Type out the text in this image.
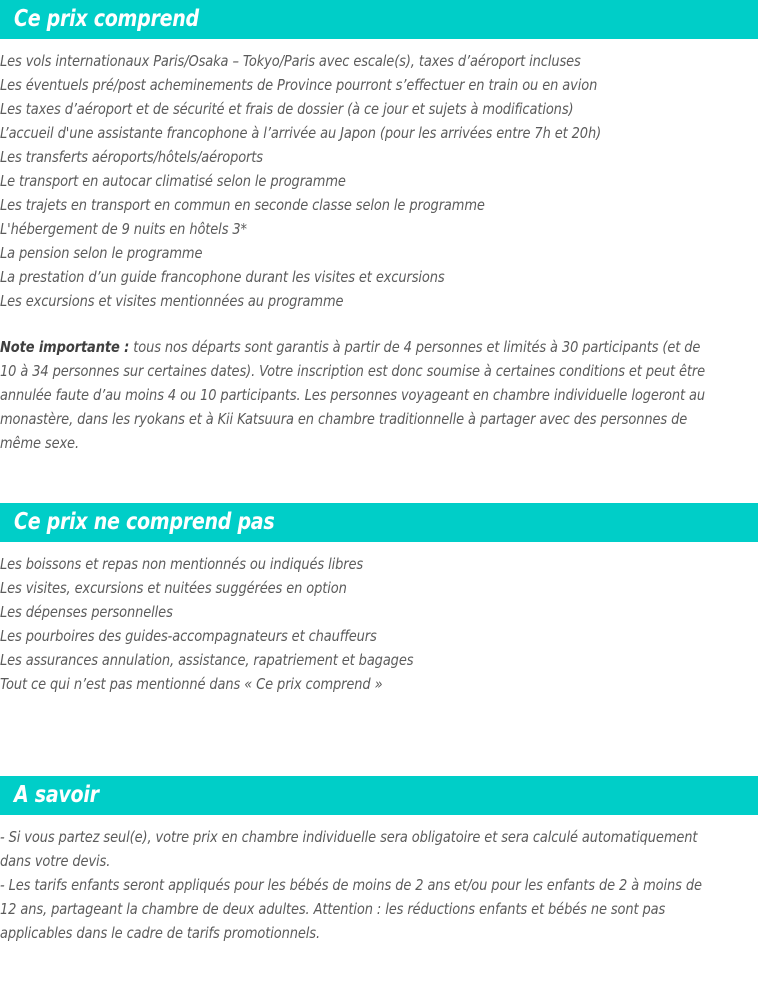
Ce prix comprend
Les vols internationaux Paris/Osaka – Tokyo/Paris avec escale(s), taxes d’aéroport incluses
Les éventuels pré/post acheminements de Province pourront s’effectuer en train ou en avion
Les taxes d’aéroport et de sécurité et frais de dossier (à ce jour et sujets à modifications)
L’accueil d'une assistante francophone à l’arrivée au Japon (pour les arrivées entre 7h et 20h)
Les transferts aéroports/hôtels/aéroports
Le transport en autocar climatisé selon le programme
Les trajets en transport en commun en seconde classe selon le programme
L'hébergement de 9 nuits en hôtels 3*
La pension selon le programme
La prestation d’un guide francophone durant les visites et excursions
Les excursions et visites mentionnées au programme

Note importante : tous nos départs sont garantis à partir de 4 personnes et limités à 30 participants (et de 10 à 34 personnes sur certaines dates). Votre inscription est donc soumise à certaines conditions et peut être annulée faute d’au moins 4 ou 10 participants. Les personnes voyageant en chambre individuelle logeront au monastère, dans les ryokans et à Kii Katsuura en chambre traditionnelle à partager avec des personnes de même sexe.

Ce prix ne comprend pas
Les boissons et repas non mentionnés ou indiqués libres
Les visites, excursions et nuitées suggérées en option
Les dépenses personnelles
Les pourboires des guides-accompagnateurs et chauffeurs
Les assurances annulation, assistance, rapatriement et bagages
Tout ce qui n’est pas mentionné dans « Ce prix comprend »
A savoir

- Si vous partez seul(e), votre prix en chambre individuelle sera obligatoire et sera calculé automatiquement dans votre devis.

- Les tarifs enfants seront appliqués pour les bébés de moins de 2 ans et/ou pour les enfants de 2 à moins de 12 ans, partageant la chambre de deux adultes. Attention : les réductions enfants et bébés ne sont pas applicables dans le cadre de tarifs promotionnels.
